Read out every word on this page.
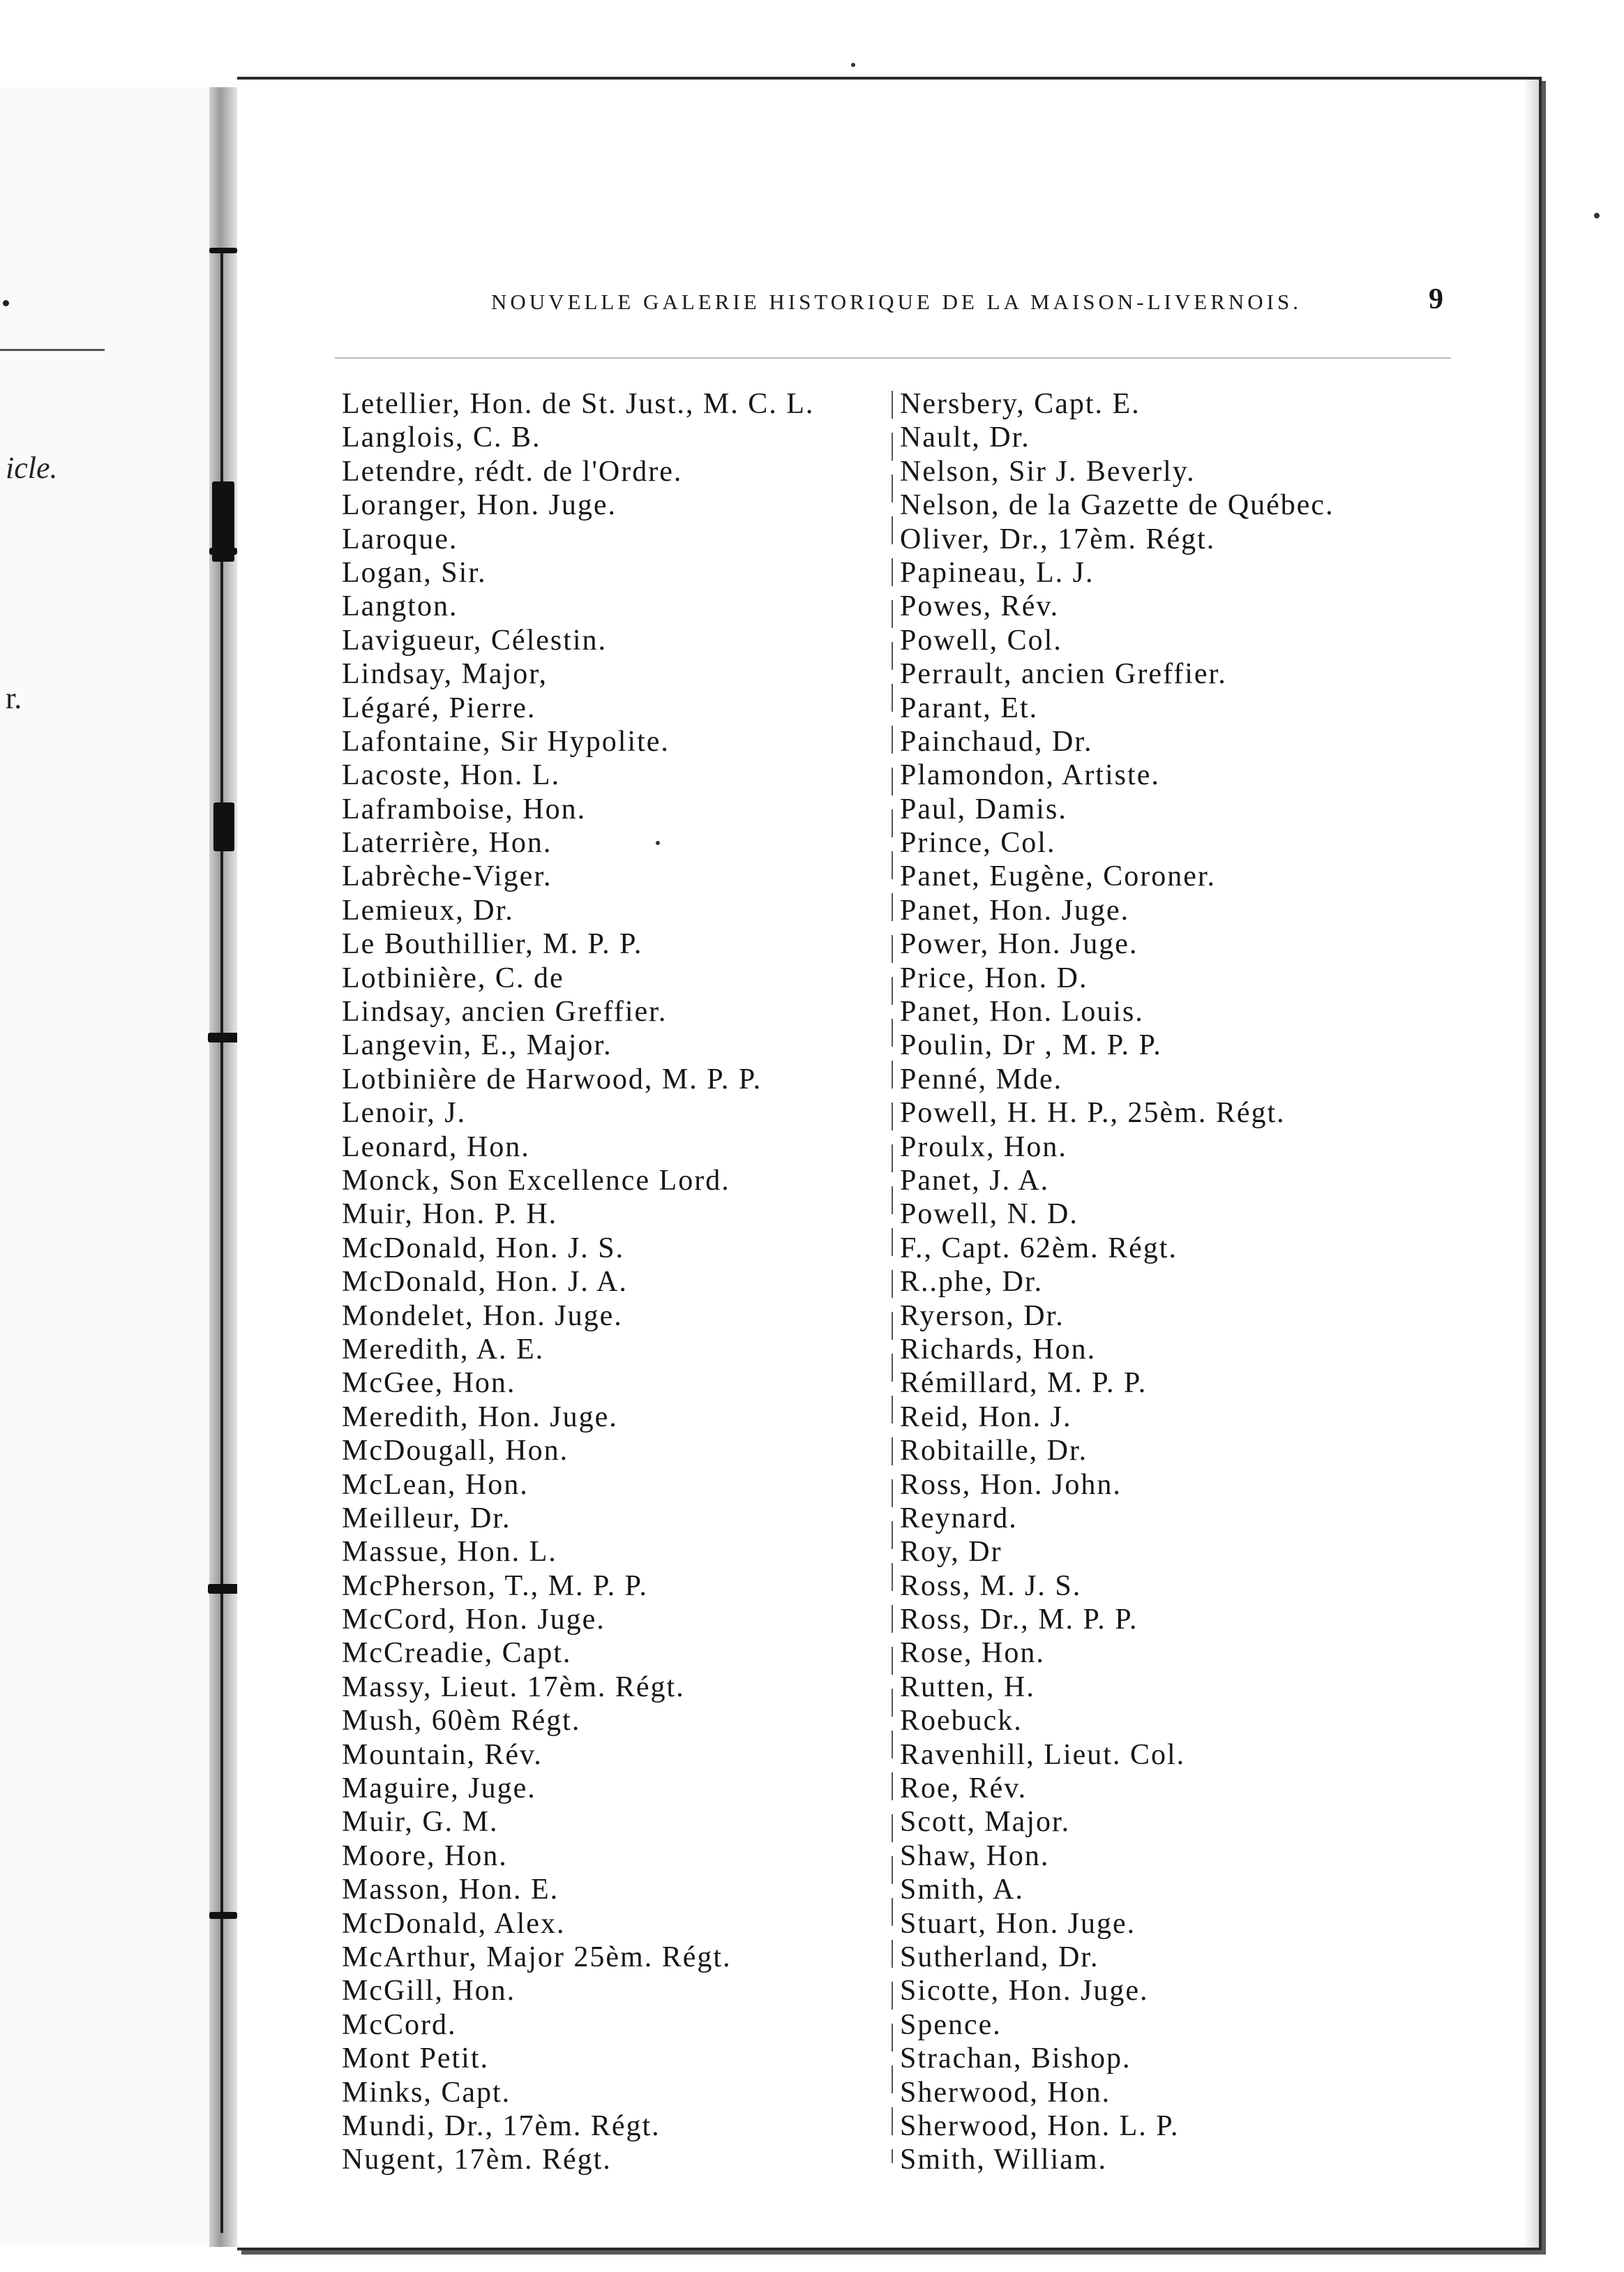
icle.
r.
NOUVELLE GALERIE HISTORIQUE DE LA MAISON-LIVERNOIS.	9
Letellier, Hon. de St. Just., M. C. L.
Langlois, C. B.
Letendre, rédt. de l'Ordre.
Loranger, Hon. Juge.
Laroque.
Logan, Sir.
Langton.
Lavigueur, Célestin.
Lindsay, Major,
Légaré, Pierre.
Lafontaine, Sir Hypolite.
Lacoste, Hon. L.
Laframboise, Hon.
Laterrière, Hon.
Labrèche-Viger.
Lemieux, Dr.
Le Bouthillier, M. P. P.
Lotbinière, C. de
Lindsay, ancien Greffier.
Langevin, E., Major.
Lotbinière de Harwood, M. P. P.
Lenoir, J.
Leonard, Hon.
Monck, Son Excellence Lord.
Muir, Hon. P. H.
McDonald, Hon. J. S.
McDonald, Hon. J. A.
Mondelet, Hon. Juge.
Meredith, A. E.
McGee, Hon.
Meredith, Hon. Juge.
McDougall, Hon.
McLean, Hon.
Meilleur, Dr.
Massue, Hon. L.
McPherson, T., M. P. P.
McCord, Hon. Juge.
McCreadie, Capt.
Massy, Lieut. 17èm. Régt.
Mush, 60èm Régt.
Mountain, Rév.
Maguire, Juge.
Muir, G. M.
Moore, Hon.
Masson, Hon. E.
McDonald, Alex.
McArthur, Major 25èm. Régt.
McGill, Hon.
McCord.
Mont Petit.
Minks, Capt.
Mundi, Dr., 17èm. Régt.
Nugent, 17èm. Régt.
Nersbery, Capt. E.
Nault, Dr.
Nelson, Sir J. Beverly.
Nelson, de la Gazette de Québec.
Oliver, Dr., 17èm. Régt.
Papineau, L. J.
Powes, Rév.
Powell, Col.
Perrault, ancien Greffier.
Parant, Et.
Painchaud, Dr.
Plamondon, Artiste.
Paul, Damis.
Prince, Col.
Panet, Eugène, Coroner.
Panet, Hon. Juge.
Power, Hon. Juge.
Price, Hon. D.
Panet, Hon. Louis.
Poulin, Dr , M. P. P.
Penné, Mde.
Powell, H. H. P., 25èm. Régt.
Proulx, Hon.
Panet, J. A.
Powell, N. D.
F., Capt. 62èm. Régt.
R..phe, Dr.
Ryerson, Dr.
Richards, Hon.
Rémillard, M. P. P.
Reid, Hon. J.
Robitaille, Dr.
Ross, Hon. John.
Reynard.
Roy, Dr
Ross, M. J. S.
Ross, Dr., M. P. P.
Rose, Hon.
Rutten, H.
Roebuck.
Ravenhill, Lieut. Col.
Roe, Rév.
Scott, Major.
Shaw, Hon.
Smith, A.
Stuart, Hon. Juge.
Sutherland, Dr.
Sicotte, Hon. Juge.
Spence.
Strachan, Bishop.
Sherwood, Hon.
Sherwood, Hon. L. P.
Smith, William.
